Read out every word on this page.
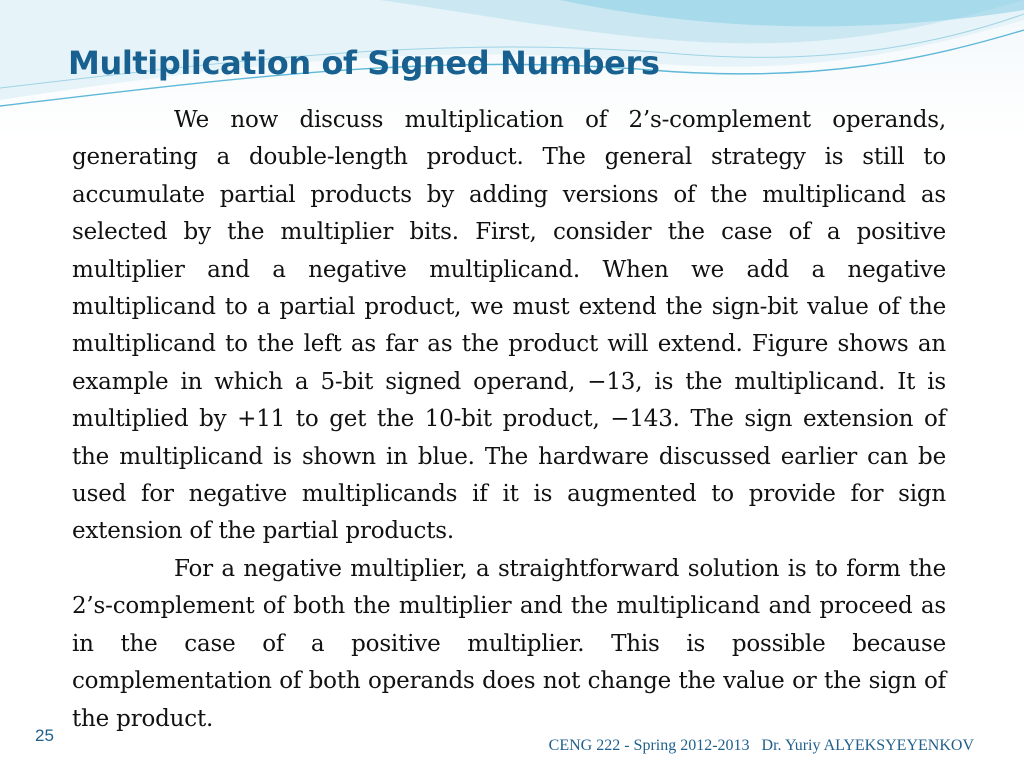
Multiplication of Signed Numbers

We now discuss multiplication of 2’s-complement operands, generating a double-length product. The general strategy is still to accumulate partial products by adding versions of the multiplicand as selected by the multiplier bits. First, consider the case of a positive multiplier and a negative multiplicand. When we add a negative multiplicand to a partial product, we must extend the sign-bit value of the multiplicand to the left as far as the product will extend. Figure shows an example in which a 5-bit signed operand, −13, is the multiplicand. It is multiplied by +11 to get the 10-bit product, −143. The sign extension of the multiplicand is shown in blue. The hardware discussed earlier can be used for negative multiplicands if it is augmented to provide for sign extension of the partial products.

For a negative multiplier, a straightforward solution is to form the 2’s-complement of both the multiplier and the multiplicand and proceed as in the case of a positive multiplier. This is possible because complementation of both operands does not change the value or the sign of the product.

25
CENG 222 - Spring 2012-2013   Dr. Yuriy ALYEKSYEYENKOV
